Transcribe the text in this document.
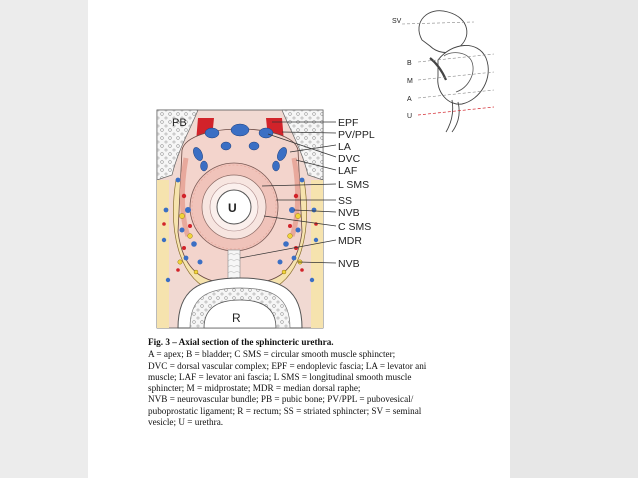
SV
B
M
A
U
PB
U
R
EPF
PV/PPL
LA
DVC
LAF
L SMS
SS
NVB
C SMS
MDR
NVB

Fig. 3 – Axial section of the sphincteric urethra.

A = apex; B = bladder; C SMS = circular smooth muscle sphincter;

DVC = dorsal vascular complex; EPF = endoplevic fascia; LA = levator ani

muscle; LAF = levator ani fascia; L SMS = longitudinal smooth muscle

sphincter; M = midprostate; MDR = median dorsal raphe;

NVB = neurovascular bundle; PB = pubic bone; PV/PPL = pubovesical/

puboprostatic ligament; R = rectum; SS = striated sphincter; SV = seminal

vesicle; U = urethra.
